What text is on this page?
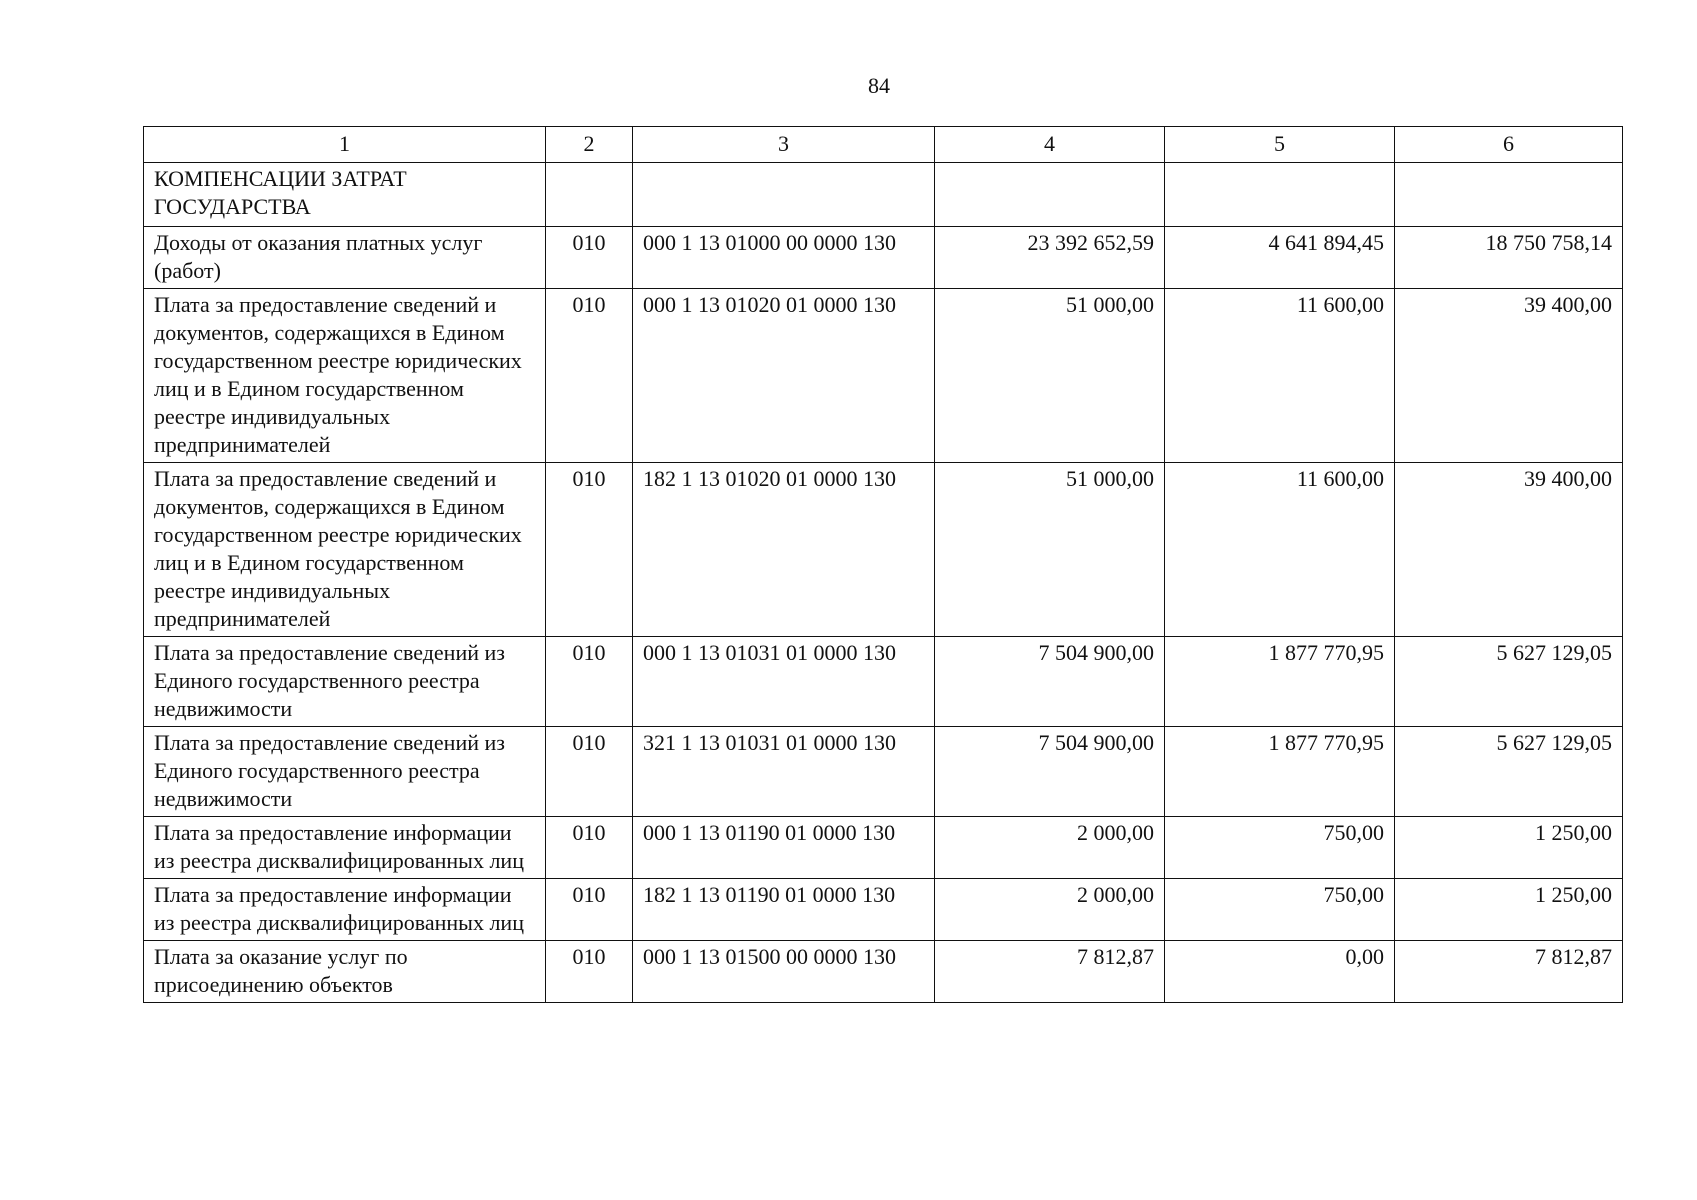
84
1	2	3	4	5	6
КОМПЕНСАЦИИ ЗАТРАТ ГОСУДАРСТВА					
Доходы от оказания платных услуг (работ)	010	000 1 13 01000 00 0000 130	23 392 652,59	4 641 894,45	18 750 758,14
Плата за предоставление сведений и документов, содержащихся в Едином государственном реестре юридических лиц и в Едином государственном реестре индивидуальных предпринимателей	010	000 1 13 01020 01 0000 130	51 000,00	11 600,00	39 400,00
Плата за предоставление сведений и документов, содержащихся в Едином государственном реестре юридических лиц и в Едином государственном реестре индивидуальных предпринимателей	010	182 1 13 01020 01 0000 130	51 000,00	11 600,00	39 400,00
Плата за предоставление сведений из Единого государственного реестра недвижимости	010	000 1 13 01031 01 0000 130	7 504 900,00	1 877 770,95	5 627 129,05
Плата за предоставление сведений из Единого государственного реестра недвижимости	010	321 1 13 01031 01 0000 130	7 504 900,00	1 877 770,95	5 627 129,05
Плата за предоставление информации из реестра дисквалифицированных лиц	010	000 1 13 01190 01 0000 130	2 000,00	750,00	1 250,00
Плата за предоставление информации из реестра дисквалифицированных лиц	010	182 1 13 01190 01 0000 130	2 000,00	750,00	1 250,00
Плата за оказание услуг по присоединению объектов	010	000 1 13 01500 00 0000 130	7 812,87	0,00	7 812,87
